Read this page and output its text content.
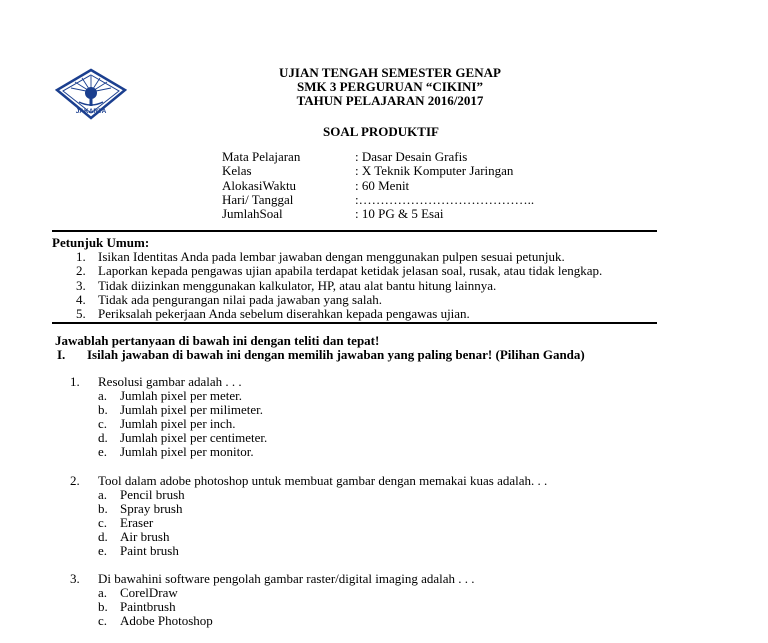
JAKARTA
UJIAN TENGAH SEMESTER GENAP
SMK 3 PERGURUAN “CIKINI”
TAHUN PELAJARAN 2016/2017
SOAL PRODUKTIF
Mata Pelajaran	: Dasar Desain Grafis
Kelas	: X Teknik Komputer Jaringan
AlokasiWaktu	: 60 Menit
Hari/ Tanggal	:…………………………………..
JumlahSoal	: 10 PG & 5 Esai
Petunjuk Umum:
1. Isikan Identitas Anda pada lembar jawaban dengan menggunakan pulpen sesuai petunjuk.
2. Laporkan kepada pengawas ujian apabila terdapat ketidak jelasan soal, rusak, atau tidak lengkap.
3. Tidak diizinkan menggunakan kalkulator, HP, atau alat bantu hitung lainnya.
4. Tidak ada pengurangan nilai pada jawaban yang salah.
5. Periksalah pekerjaan Anda sebelum diserahkan kepada pengawas ujian.
Jawablah pertanyaan di bawah ini dengan teliti dan tepat!
I. Isilah jawaban di bawah ini dengan memilih jawaban yang paling benar! (Pilihan Ganda)
1. Resolusi gambar adalah . . .
a. Jumlah pixel per meter.
b. Jumlah pixel per milimeter.
c. Jumlah pixel per inch.
d. Jumlah pixel per centimeter.
e. Jumlah pixel per monitor.
2. Tool dalam adobe photoshop untuk membuat gambar dengan memakai kuas adalah. . .
a. Pencil brush
b. Spray brush
c. Eraser
d. Air brush
e. Paint brush
3. Di bawahini software pengolah gambar raster/digital imaging adalah . . .
a. CorelDraw
b. Paintbrush
c. Adobe Photoshop
